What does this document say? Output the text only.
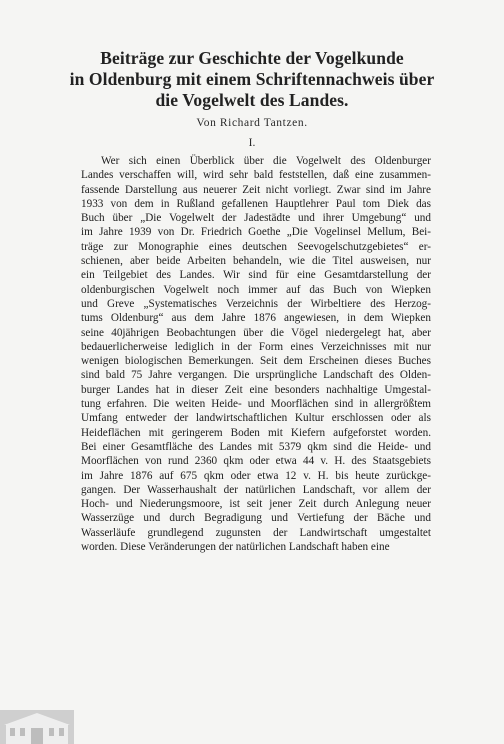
Beiträge zur Geschichte der Vogelkunde
in Oldenburg mit einem Schriftennachweis über
die Vogelwelt des Landes.
Von Richard Tantzen.
I.
Wer sich einen Überblick über die Vogelwelt des Oldenburger
Landes verschaffen will, wird sehr bald feststellen, daß eine zusammen-
fassende Darstellung aus neuerer Zeit nicht vorliegt. Zwar sind im Jahre
1933 von dem in Rußland gefallenen Hauptlehrer Paul tom Diek das
Buch über „Die Vogelwelt der Jadestädte und ihrer Umgebung“ und
im Jahre 1939 von Dr. Friedrich Goethe „Die Vogelinsel Mellum, Bei-
träge zur Monographie eines deutschen Seevogelschutzgebietes“ er-
schienen, aber beide Arbeiten behandeln, wie die Titel ausweisen, nur
ein Teilgebiet des Landes. Wir sind für eine Gesamtdarstellung der
oldenburgischen Vogelwelt noch immer auf das Buch von Wiepken
und Greve „Systematisches Verzeichnis der Wirbeltiere des Herzog-
tums Oldenburg“ aus dem Jahre 1876 angewiesen, in dem Wiepken
seine 40jährigen Beobachtungen über die Vögel niedergelegt hat, aber
bedauerlicherweise lediglich in der Form eines Verzeichnisses mit nur
wenigen biologischen Bemerkungen. Seit dem Erscheinen dieses Buches
sind bald 75 Jahre vergangen. Die ursprüngliche Landschaft des Olden-
burger Landes hat in dieser Zeit eine besonders nachhaltige Umgestal-
tung erfahren. Die weiten Heide- und Moorflächen sind in allergrößtem
Umfang entweder der landwirtschaftlichen Kultur erschlossen oder als
Heideflächen mit geringerem Boden mit Kiefern aufgeforstet worden.
Bei einer Gesamtfläche des Landes mit 5379 qkm sind die Heide- und
Moorflächen von rund 2360 qkm oder etwa 44 v. H. des Staatsgebiets
im Jahre 1876 auf 675 qkm oder etwa 12 v. H. bis heute zurückge-
gangen. Der Wasserhaushalt der natürlichen Landschaft, vor allem der
Hoch- und Niederungsmoore, ist seit jener Zeit durch Anlegung neuer
Wasserzüge und durch Begradigung und Vertiefung der Bäche und
Wasserläufe grundlegend zugunsten der Landwirtschaft umgestaltet
worden. Diese Veränderungen der natürlichen Landschaft haben eine
